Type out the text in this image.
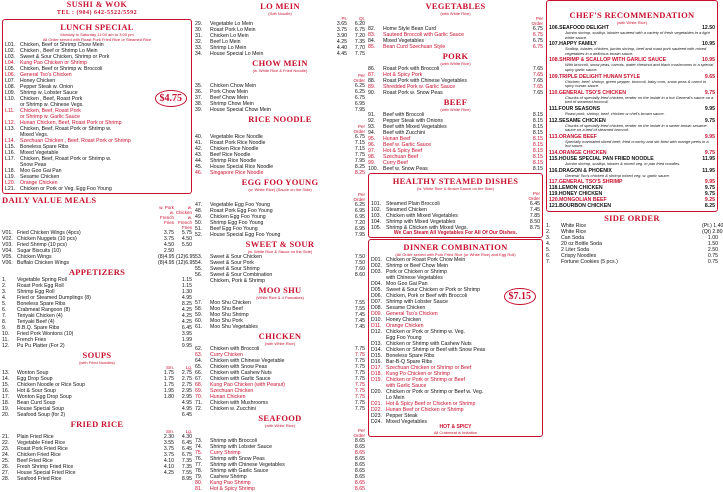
SUSHI & WOK
TEL : (904) 642-5522/5592
LUNCH SPECIAL
Monday to Saturday 11:00 am to 3:00 pm
All Order served with Roast Pork Fried Rice or Steamed Rice
L01. Chicken, Beef or Shrimp Chow Mein
L02. Chicken , Beef or Shrimp Lo Mein
L03. Sweet & Sour Chicken, Shrimp or Pork
L04. Kung Pao Chicken or Shrimp
L05. Chicken, Beef or Shrimp w. Broccoli
L06. General Tso's Chicken
L07. Honey Chicken
L08. Pepper Steak w. Onion
L09. Shrimp w. Lobster Sauce
L10. Chicken , Beef, Roast Pork
or Shrimp w. Chinese Vegs.
L11.	Chicken, Beef, Roast Pork
or Shrimp w. Garlic Sauce
L12. Hunan Chicken, Beef, Roast Pork or Shrimp
L13. Chicken, Beef, Roast Pork or Shrimp w.
Mixed Vegs.
L14. Szechuan Chicken , Beef, Roast Pork or Shrimp
L15. Boneless Spare Ribs
L16. Mixed Vegetable
L17. Chicken, Beef, Roast Pork or Shrimp w.
Snow Peas
L18. Moo Goo Gai Pan
L19. Sesame Chicken
L20. Orange Chicken
L21. Chicken or Pork or Veg. Egg Foo Young
$4.75
DAILY VALUE MEALS
w. Pork w. French Fries
w. Chicken w. French Fries
V01. Fried Chicken Wings (4pcs)	3.75	5.75
V02. Chicken Nuggets (10 pcs)	3.75	4.50
V03. Fried Shrimp (10 pcs)	4.50	5.50
V04. Sugar Biscuits (10)	2.50
V05. Chicken Wings	(8)4.95 (12)6.95
V06. Buffalo Chicken Wings	(8)4.95 (12)6.95
APPETIZERS
1.	Vegetable Spring Roll	1.15
2.	Roast Pork Egg Roll	1.15
3.	Shrimp Egg Roll	1.30
4.	Fried or Steamed Dumplings (8)	4.95
5.	Boneless Spare Ribs	8.25
6.	Crabmeat Rangoon (8)	4.25
7.	Teriyaki Chicken (4)	4.25
8.	Teriyaki Beef (4)	4.25
9.	B.B.Q. Spare Ribs	6.45
10.	Fried Pork Wontons (10)	3.95
11.	French Fries	1.99
12.	Pu Pu Platter (For 2)	9.95
SOUPS
(with Fried Noodles)
Sm.	Lg.
13.	Wonton Soup	1.75	2.75
14.	Egg Drop Soup	1.75	2.75
15.	Chicken Noodle or Rice Soup	1.75	2.75
16.	Hot & Sour Soup	1.95	2.95
17.	Wonton Egg Drop Soup	1.80	2.95
18.	Bean Curd Soup	4.95
19.	House Special Soup	4.95
20.	Seafood Soup (for 2)	6.45
FRIED RICE
Sm.	Lg.
21.	Plain Fried Rice	2.30	4.30
22.	Vegetable Fried Rice	3.55	6.45
23.	Roast Pork Fried Rice	3.75	6.45
24.	Chicken Fried Rice	3.75	6.75
25.	Beef Fried Rice	4.10	7.35
26.	Fresh Shrimp Fried Rice	4.10	7.35
27.	House Special Fried Rice	4.25	7.55
28.	Seafood Fried Rice	8.95
LO MEIN
(Soft Noodle)
Pt.	Qt.
29.	Vegetable Lo Mein	3.65	6.20
30.	Roast Pork Lo Mein	3.75	6.75
31.	Chicken Lo Mein	3.90	7.20
32.	Beef Lo Mein	4.25	7.35
33.	Shrimp Lo Mein	4.40	7.70
34.	House Special Lo Mein	4.45	7.75
CHOW MEIN
(w. White Rice & Fried Noodle)
Per Order
35.	Chicken Chow Mein	6.25
36.	Pork Chow Mein	6.25
37.	Beef Chow Mein	6.75
38.	Shrimp Chow Mein	6.95
39.	House Special Chow Mein	7.95
RICE NOODLE
Per Order
40.	Vegetable Rice Noodle	6.75
41.	Roast Pork Rice Noodle	7.15
42.	Chicken Rice Noodle	7.15
43.	Beef Rice Noodle	7.75
44.	Shrimp Rice Noodle	7.95
45.	House Special Rice Noodle	8.25
46.	Singapore Rice Noodle	8.25
EGG FOO YOUNG
(w. White Rice) (Sauce on the Side)
Per Order
47.	Vegetable Egg Foo Young	6.25
48.	Roast Pork Egg Foo Young	6.95
49.	Chicken Egg Foo Young	6.95
50.	Shrimp Egg Foo Young	7.20
51.	Beef Egg Foo Young	6.95
52.	House Special Egg Foo Young	7.95
SWEET & SOUR
(w. White Rice & Sauce on the Side)
53.	Sweet & Sour Chicken	7.50
54.	Sweet & Sour Pork	7.50
55.	Sweet & Sour Shrimp	7.60
56.	Sweet & Sour Combination	8.60
Chicken, Pork & Shrimp
MOO SHU
(White Rice & 4 Pancakes)
57.	Moo Shu Chicken	7.55
58.	Moo Shu Beef	7.55
59.	Moo Shu Shrimp	7.45
60.	Moo Shu Pork	7.45
61.	Moo Shu Vegetables	7.45
CHICKEN
(with White Rice)
62.	Chicken with Broccoli	7.75
63.	Curry Chicken	7.75
64.	Chicken with Chinese Vegetable	7.75
65.	Chicken with Snow Peas	7.75
66.	Chicken with Cashew Nuts	7.75
67.	Chicken with Garlic Sauce	7.75
68.	Kung Pao Chicken (with Peanut)	7.75
69.	Szechuan Chicken	7.75
70.	Hunan Chicken	7.75
71.	Chicken with Mushrooms	7.75
72.	Chicken w. Zucchini	7.75
SEAFOOD
(with White Rice)
Per Order
73.	Shrimp with Broccoli	8.65
74.	Shrimp with Lobster Sauce	8.65
75.	Curry Shrimp	8.65
76.	Shrimp with Snow Peas	8.65
77.	Shrimp with Chinese Vegetables	8.65
78.	Shrimp with Garlic Sauce	8.65
79.	Cashew Shrimp	8.65
80.	Kung Pao Shrimp	8.65
81.	Hot & Spicy Shrimp	8.65
VEGETABLES
(with White Rice)
Per Order
82.	Home Style Bean Curd	6.75
83.	Sauteed Broccoli with Garlic Sauce	6.75
84.	Mixed Vegetables	6.75
85.	Bean Curd Szechuan Style	6.75
PORK
(with White Rice)
86.	Roast Pork with Broccoli	7.65
87.	Hot & Spicy Pork	7.65
88.	Roast Pork with Chinese Vegetables	7.65
89.	Shredded Pork w. Garlic Sauce	7.65
90.	Roast Pork w. Snow Peas	7.65
BEEF
(with White Rice)
91.	Beef with Broccoli	8.15
92.	Pepper Steak with Onions	8.15
93.	Beef with Mixed Vegetables	8.15
94.	Beef with Zucchini	8.15
95.	Hunan Beef	8.15
96.	Beef w. Garlic Sauce	8.15
97.	Hot & Spicy Beef	8.15
98.	Szechuan Beef	8.15
99.	Curry Beef	8.15
100. Beef w. Snow Peas	8.15
HEALTHY STEAMED DISHES
(w. White Rice & Brown Sauce on the Side)
Per Order
101. Steamed Plain Broccoli	6.45
102. Steamed Chicken	7.45
103. Chicken with Mixed Vegetables	7.85
104. Shrimp with Mixed Vegetables	8.50
105. Shrimp & Chicken with Mixed Vegs.	8.75
We Can Steam All Vegetables For All Of Our Dishes.
DINNER COMBINATION
(All Order served with Pork Fried Rice (or White Rice) and Egg Roll)
D01. Chicken or Roast Pork Chow Mein
D02. Shrimp or Beef Chow Mein
D03. Pork or Chicken or Shrimp
with Chinese Vegetables
D04. Moo Goo Gai Pan
D05. Sweet & Sour Chicken or Pork or Shrimp
D06. Chicken, Pork or Beef with Broccoli
D07. Shrimp with Lobster Sauce
D08. Sesame Chicken
D09. General Tso's Chicken
D10. Honey Chicken
D11. Orange Chicken
D12. Chicken or Pork or Shrimp w. Veg.
Egg Foo Young
D13. Chicken or Shrimp with Cashew Nuts
D14. Chicken or Shrimp or Beef with Snow Peas
D15. Boneless Spare Ribs
D16. Bar-B-Q Spare Ribs
D17. Szechuan Chicken or Shrimp or Beef
D18. Kung Po Chicken or Shrimp
D19. Chicken or Pork or Shrimp or Beef
with Garlic Sauce
D20. Chicken or Pork or Shrimp or Beef w. Veg.
Lo Mein
D21. Hot & Spicy Beef or Chicken or Shrimp
D22. Hunan Beef or Chicken or Shrimp
D23. Pepper Steak
D24. Mixed Vegetables
$7.15
HOT & SPICY
All Crabmeat is Imitation
CHEF'S RECOMMENDATION
(with White Rice)
106. SEAFOOD DELIGHT	12.50
Jumbo shrimp, scallop, lobster sauteed with a variety of fresh vegetables in a light white sauce.
107. HAPPY FAMILY	10.95
Scallop, lobster, chicken, jumbo shrimp, beef and roast pork sauteed with mixed vegetables in a delicious brown sauce.
108. SHRIMP & SCALLOP WITH GARLIC SAUCE	10.95
With broccoli, snow peas, carrots, water chestnut and black mushrooms in a special spicy garlic sauce.
109. TRIPLE DELIGHT HUNAN STYLE	9.65
Chicken, beef, shrimp, green pepper, broccoli, baby corn, snow peas & carrot in spicy hunan sauce.
110. GENERAL TSO'S CHICKEN	9.75
Chunks of specially fried chicken, tender on the inside in a hot General's sauce on a bed of steamed broccoli.
111. FOUR SEASONS	9.95
Roast pork, shrimp, beef, chicken w chef's brown sauce.
112. SESAME CHICKEN	9.75
Chunks of specially fried chicken, tender on the inside in a sweet brown sesame sauce on a bed of steamed broccoli.
113. ORANGE BEEF	9.95
Specially marinated sliced beef, fried crunchy and stir-fried with orange peels in a hot sauce.
114. ORANGE CHICKEN	9.75
115. HOUSE SPECIAL PAN FRIED NOODLE	11.95
Jumbo shrimp, scallop, lobster & mixed veg. in pan fried noodles.
116. DRAGON & PHOENIX	11.95
General Tso's chicken & shrimp mixed veg. w. garlic sauce.
117. GENERAL TSO'S SHRIMP	9.95
118. LEMON CHICKEN	9.75
119. HONEY CHICKEN	9.75
120. MONGOLIAN BEEF	9.25
121. BOURBON CHICKEN	8.25
SIDE ORDER
1.	White Rice	(Pt.) 1.40
2.	White Rice	(Qt) 2.80
3.	Can Soda	1.00
4.	20 oz Bottle Soda	1.50
5.	2 Liter Soda	2.50
6.	Crispy Noodles	0.75
7.	Fortune Cookies (5 pcs.)	0.75
